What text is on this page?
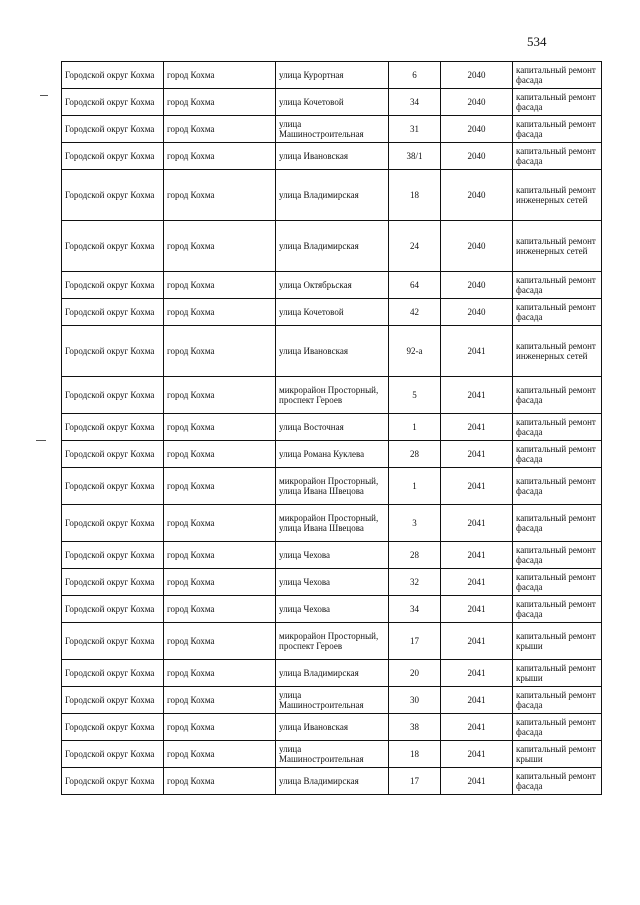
534
Городской округ Кохма	город Кохма	улица Курортная	6	2040	капитальный ремонт фасада
Городской округ Кохма	город Кохма	улица Кочетовой	34	2040	капитальный ремонт фасада
Городской округ Кохма	город Кохма	улица Машиностроительная	31	2040	капитальный ремонт фасада
Городской округ Кохма	город Кохма	улица Ивановская	38/1	2040	капитальный ремонт фасада
Городской округ Кохма	город Кохма	улица Владимирская	18	2040	капитальный ремонт инженерных сетей
Городской округ Кохма	город Кохма	улица Владимирская	24	2040	капитальный ремонт инженерных сетей
Городской округ Кохма	город Кохма	улица Октябрьская	64	2040	капитальный ремонт фасада
Городской округ Кохма	город Кохма	улица Кочетовой	42	2040	капитальный ремонт фасада
Городской округ Кохма	город Кохма	улица Ивановская	92-а	2041	капитальный ремонт инженерных сетей
Городской округ Кохма	город Кохма	микрорайон Просторный, проспект Героев	5	2041	капитальный ремонт фасада
Городской округ Кохма	город Кохма	улица Восточная	1	2041	капитальный ремонт фасада
Городской округ Кохма	город Кохма	улица Романа Куклева	28	2041	капитальный ремонт фасада
Городской округ Кохма	город Кохма	микрорайон Просторный, улица Ивана Швецова	1	2041	капитальный ремонт фасада
Городской округ Кохма	город Кохма	микрорайон Просторный, улица Ивана Швецова	3	2041	капитальный ремонт фасада
Городской округ Кохма	город Кохма	улица Чехова	28	2041	капитальный ремонт фасада
Городской округ Кохма	город Кохма	улица Чехова	32	2041	капитальный ремонт фасада
Городской округ Кохма	город Кохма	улица Чехова	34	2041	капитальный ремонт фасада
Городской округ Кохма	город Кохма	микрорайон Просторный, проспект Героев	17	2041	капитальный ремонт крыши
Городской округ Кохма	город Кохма	улица Владимирская	20	2041	капитальный ремонт крыши
Городской округ Кохма	город Кохма	улица Машиностроительная	30	2041	капитальный ремонт фасада
Городской округ Кохма	город Кохма	улица Ивановская	38	2041	капитальный ремонт фасада
Городской округ Кохма	город Кохма	улица Машиностроительная	18	2041	капитальный ремонт крыши
Городской округ Кохма	город Кохма	улица Владимирская	17	2041	капитальный ремонт фасада
